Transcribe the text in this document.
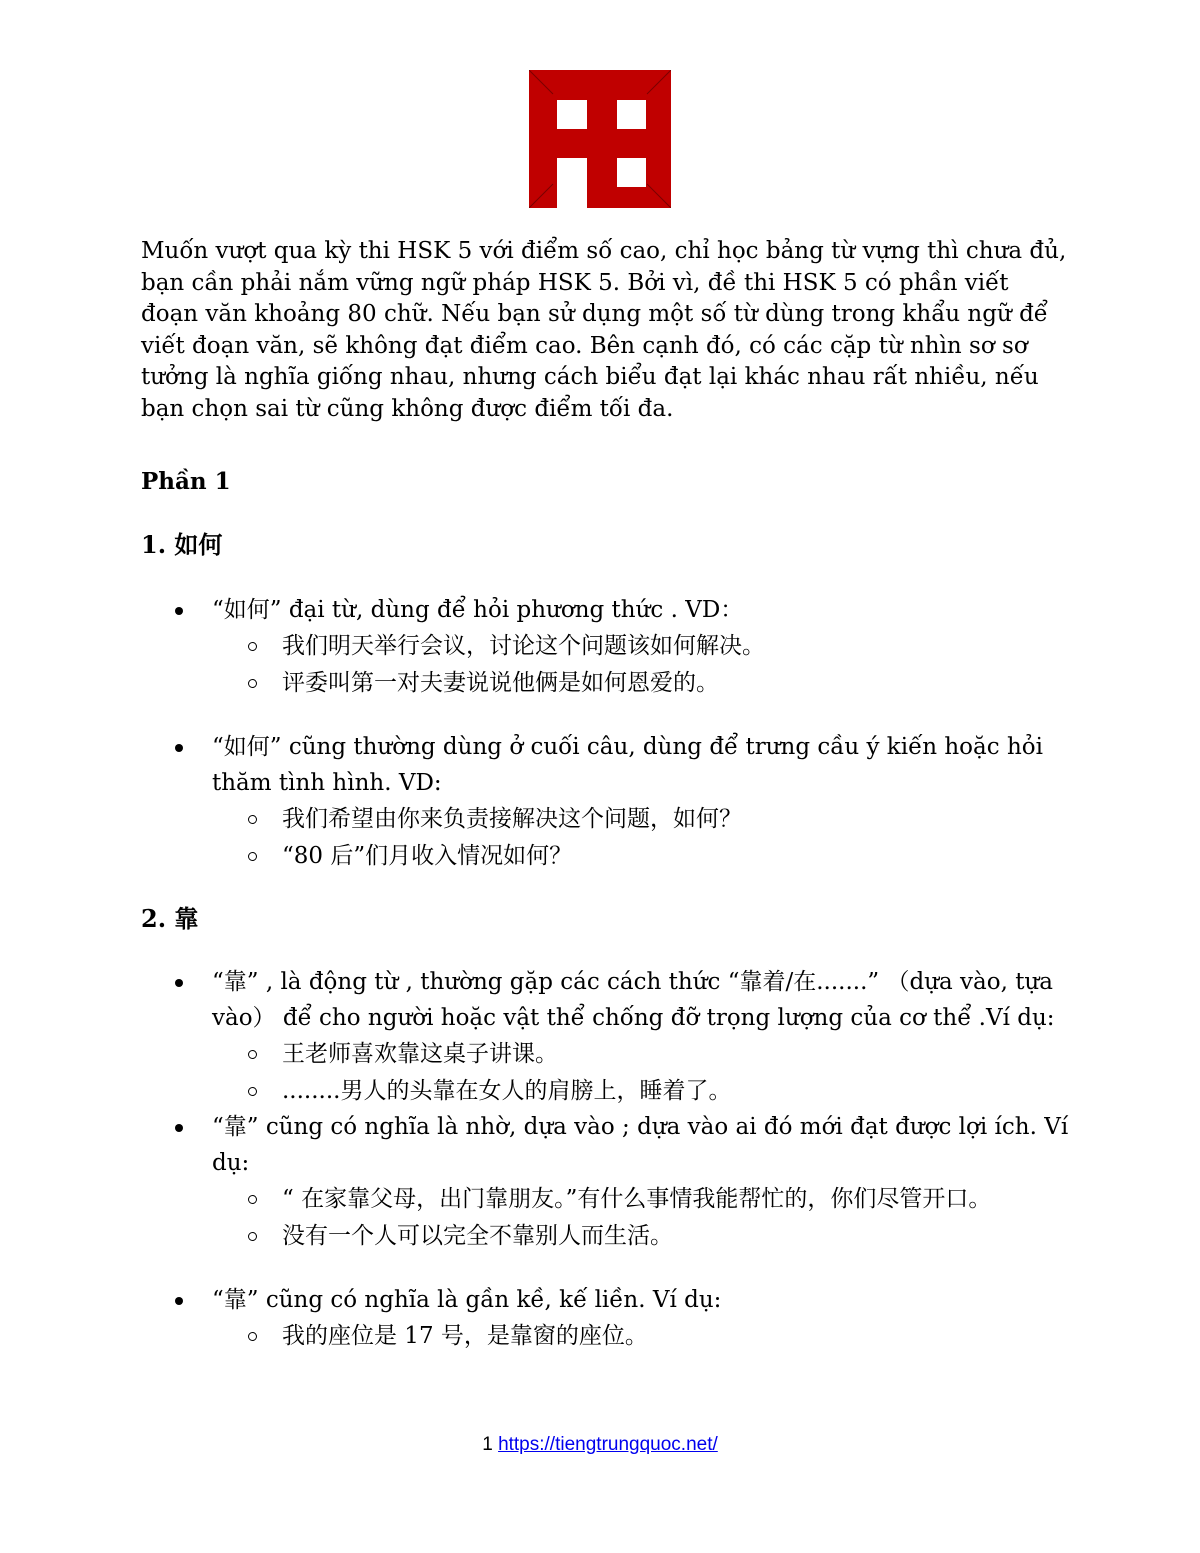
Muốn vượt qua kỳ thi HSK 5 với điểm số cao, chỉ học bảng từ vựng thì chưa đủ, bạn cần phải nắm vững ngữ pháp HSK 5. Bởi vì, đề thi HSK 5 có phần viết đoạn văn khoảng 80 chữ. Nếu bạn sử dụng một số từ dùng trong khẩu ngữ để viết đoạn văn, sẽ không đạt điểm cao. Bên cạnh đó, có các cặp từ nhìn sơ sơ tưởng là nghĩa giống nhau, nhưng cách biểu đạt lại khác nhau rất nhiều, nếu bạn chọn sai từ cũng không được điểm tối đa.

Phần 1

1. 如何

“如何” đại từ, dùng để hỏi phương thức . VD：
我们明天举行会议，讨论这个问题该如何解决。
评委叫第一对夫妻说说他俩是如何恩爱的。
“如何” cũng thường dùng ở cuối câu, dùng để trưng cầu ý kiến hoặc hỏi thăm tình hình. VD:
我们希望由你来负责接解决这个问题，如何？
“80 后”们月收入情况如何？

2. 靠

“靠” , là động từ , thường gặp các cách thức “靠着/在.......” （dựa vào, tựa vào） để cho người hoặc vật thể chống đỡ trọng lượng của cơ thể .Ví dụ:
王老师喜欢靠这桌子讲课。
........男人的头靠在女人的肩膀上，睡着了。
“靠” cũng có nghĩa là nhờ, dựa vào ; dựa vào ai đó mới đạt được lợi ích. Ví dụ:
“ 在家靠父母，出门靠朋友。”有什么事情我能帮忙的，你们尽管开口。
没有一个人可以完全不靠别人而生活。
“靠” cũng có nghĩa là gần kề, kế liền. Ví dụ:
我的座位是 17 号，是靠窗的座位。
1 https://tiengtrungquoc.net/
